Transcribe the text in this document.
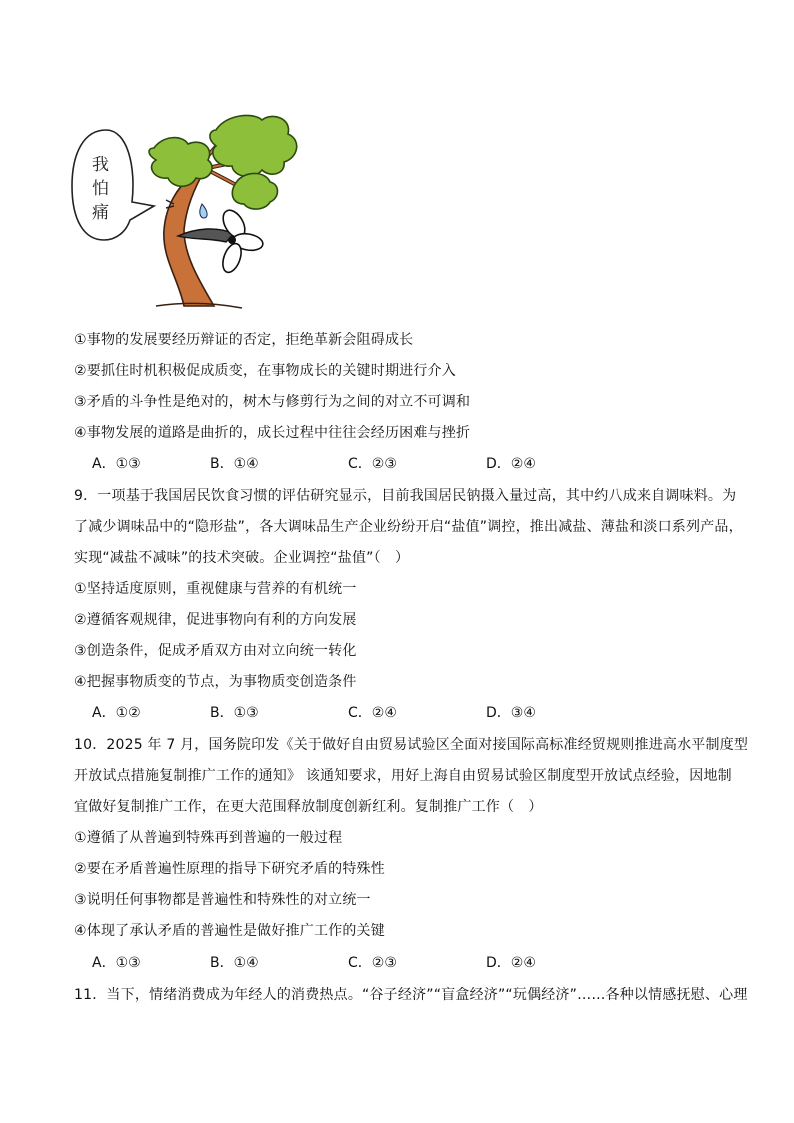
我
怕
痛
①事物的发展要经历辩证的否定，拒绝革新会阻碍成长
②要抓住时机积极促成质变，在事物成长的关键时期进行介入
③矛盾的斗争性是绝对的，树木与修剪行为之间的对立不可调和
④事物发展的道路是曲折的，成长过程中往往会经历困难与挫折
A．①③	B．①④	C．②③	D．②④
9．一项基于我国居民饮食习惯的评估研究显示，目前我国居民钠摄入量过高，其中约八成来自调味料。为
了减少调味品中的“隐形盐”，各大调味品生产企业纷纷开启“盐值”调控，推出减盐、薄盐和淡口系列产品，
实现“减盐不减味”的技术突破。企业调控“盐值”（　）
①坚持适度原则，重视健康与营养的有机统一
②遵循客观规律，促进事物向有利的方向发展
③创造条件，促成矛盾双方由对立向统一转化
④把握事物质变的节点，为事物质变创造条件
A．①②	B．①③	C．②④	D．③④
10．2025 年 7 月，国务院印发《关于做好自由贸易试验区全面对接国际高标准经贸规则推进高水平制度型
开放试点措施复制推广工作的通知》 该通知要求，用好上海自由贸易试验区制度型开放试点经验，因地制
宜做好复制推广工作，在更大范围释放制度创新红利。复制推广工作（　）
①遵循了从普遍到特殊再到普遍的一般过程
②要在矛盾普遍性原理的指导下研究矛盾的特殊性
③说明任何事物都是普遍性和特殊性的对立统一
④体现了承认矛盾的普遍性是做好推广工作的关键
A．①③	B．①④	C．②③	D．②④
11．当下，情绪消费成为年经人的消费热点。“谷子经济”“盲盒经济”“玩偶经济”……各种以情感抚慰、心理
